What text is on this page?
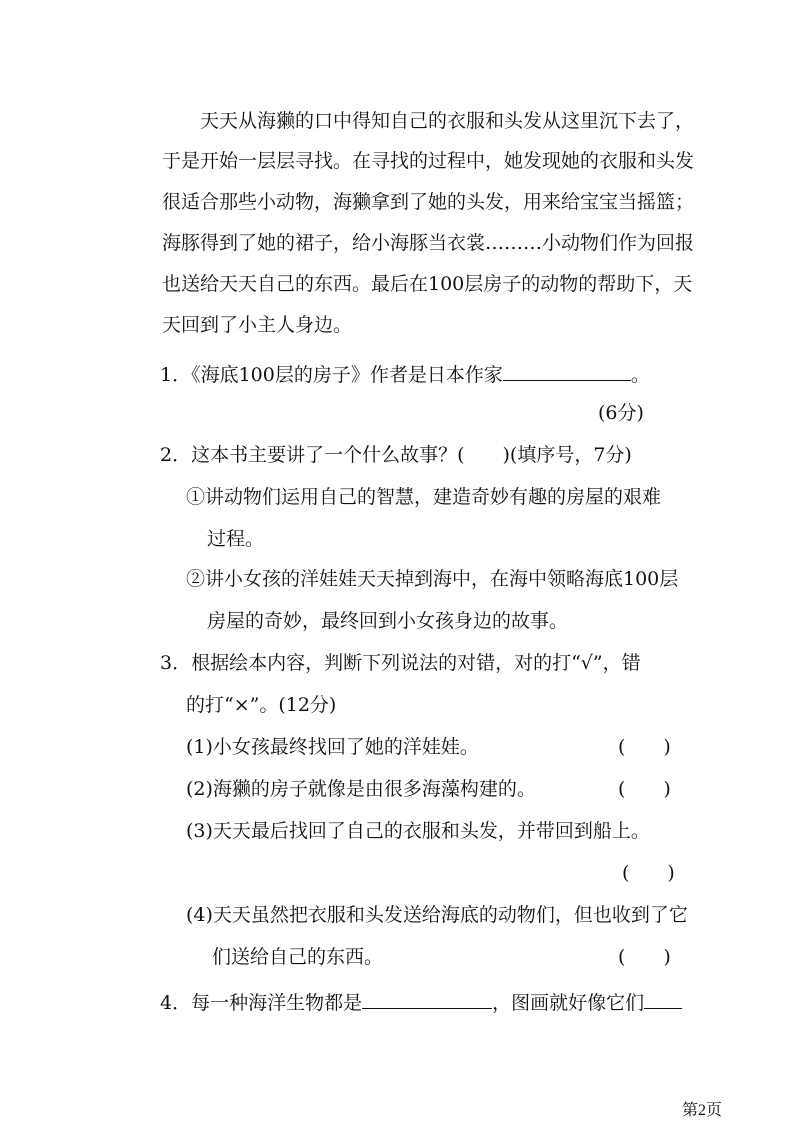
天天从海獭的口中得知自己的衣服和头发从这里沉下去了，
于是开始一层层寻找。在寻找的过程中，她发现她的衣服和头发
很适合那些小动物，海獭拿到了她的头发，用来给宝宝当摇篮；
海豚得到了她的裙子，给小海豚当衣裳………小动物们作为回报
也送给天天自己的东西。最后在100层房子的动物的帮助下，天
天回到了小主人身边。
1．《海底100层的房子》作者是日本作家	。
(6分)
2．这本书主要讲了一个什么故事？(　　)(填序号，7分)
①讲动物们运用自己的智慧，建造奇妙有趣的房屋的艰难
过程。
②讲小女孩的洋娃娃天天掉到海中，在海中领略海底100层
房屋的奇妙，最终回到小女孩身边的故事。
3．根据绘本内容，判断下列说法的对错，对的打“√”，错
的打“×”。(12分)
(1)小女孩最终找回了她的洋娃娃。	(　　)
(2)海獭的房子就像是由很多海藻构建的。	(　　)
(3)天天最后找回了自己的衣服和头发，并带回到船上。
(　　)
(4)天天虽然把衣服和头发送给海底的动物们，但也收到了它
们送给自己的东西。	(　　)
4．每一种海洋生物都是	，图画就好像它们
第2页
